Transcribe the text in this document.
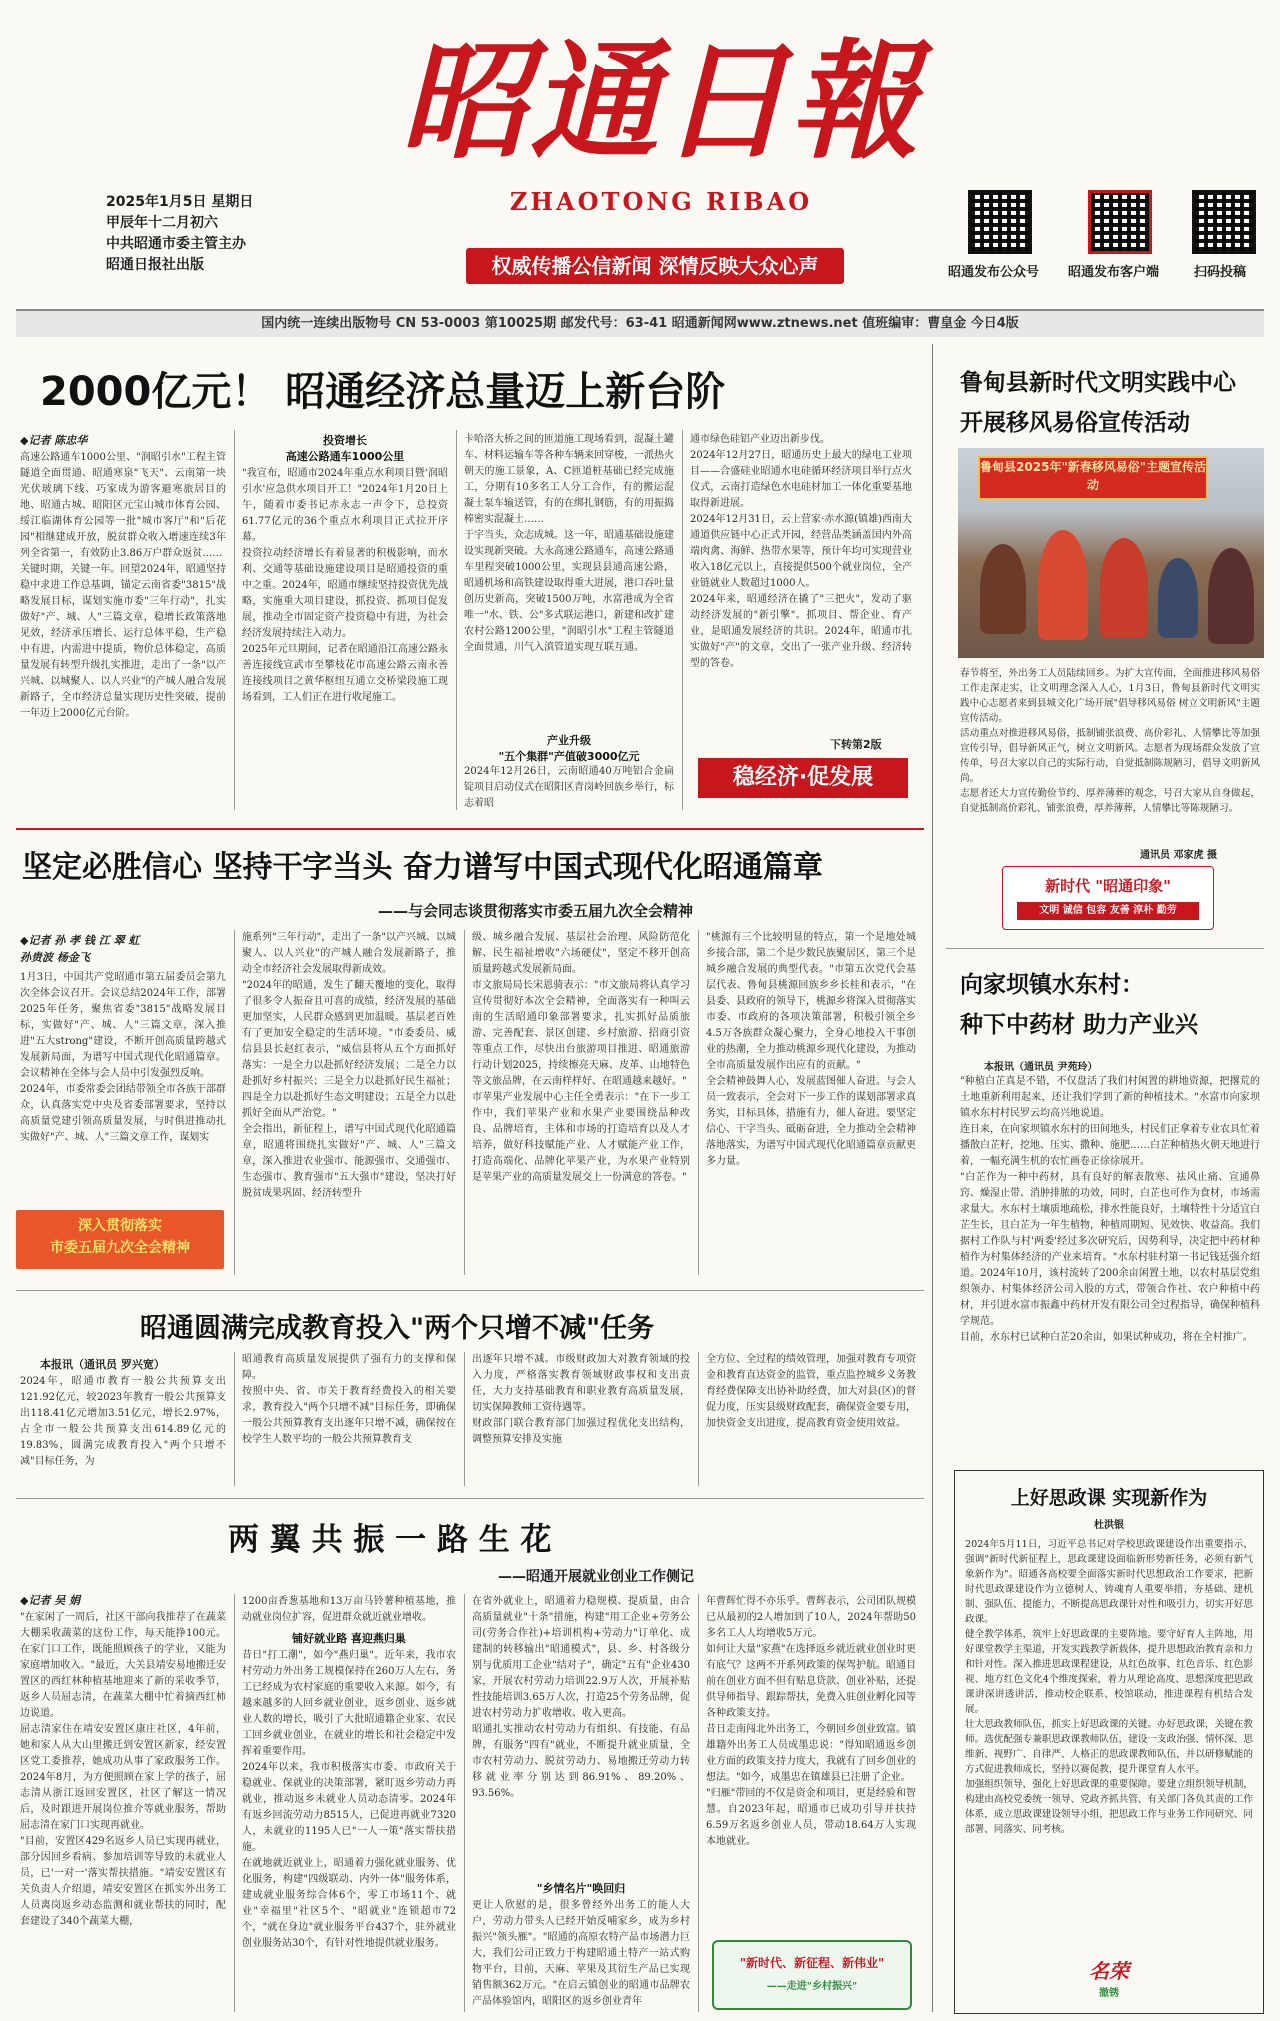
昭通日報
ZHAOTONG RIBAO
权威传播公信新闻 深情反映大众心声
2025年1月5日 星期日
甲辰年十二月初六
中共昭通市委主管主办
昭通日报社出版	昭通发布公众号 昭通发布客户端	扫码投稿
国内统一连续出版物号 CN 53-0003 第10025期 邮发代号：63-41 昭通新闻网www.ztnews.net 值班编审：曹皇金 今日4版
2000亿元！ 昭通经济总量迈上新台阶
◆记者 陈忠华
高速公路通车1000公里、"润昭引水"工程主管隧道全面贯通、昭通寒泉"飞天"、云南第一块光伏玻璃下线、巧家成为游客避寒旅居目的地、昭通古城、昭阳区元宝山城市体育公园、绥江临湖体育公园等一批"城市客厅"和"后花园"相继建成开放，脱贫群众收入增速连续3年列全省第一，有效防止3.86万户群众返贫……
关键时期，关键一年。回望2024年，昭通坚持稳中求进工作总基调，锚定云南省委"3815"战略发展目标，谋划实施市委"三年行动"，扎实做好"产、城、人"三篇文章，稳增长政策落地见效，经济承压增长、运行总体平稳，生产稳中有进，内需进中提质，物价总体稳定，高质量发展有转型升级扎实推进，走出了一条"以产兴城、以城聚人、以人兴业"的产城人融合发展新路子，全市经济总量实现历史性突破，提前一年迈上2000亿元台阶。
投资增长
高速公路通车1000公里
"我宣布，昭通市2024年重点水利项目暨'润昭引水'应急供水项目开工！"2024年1月20日上午，随着市委书记赤永志一声令下，总投资61.77亿元的36个重点水利项目正式拉开序幕。
投资拉动经济增长有着显著的积极影响，而水利、交通等基础设施建设项目是昭通投资的重中之重。2024年，昭通市继续坚持投资优先战略，实施重大项目建设，抓投资、抓项目促发展，推动全市固定资产投资稳中有进，为社会经济发展持续注入动力。
2025年元旦期间，记者在昭通沿江高速公路永善连接线宣武市至攀枝花市高速公路云南永善连接线项目之黄华枢纽互通立交桥梁段施工现场看到，工人们正在进行收尾施工。
卡哈洛大桥之间的匝道施工现场看到，混凝土罐车、材料运输车等各种车辆来回穿梭，一派热火朝天的施工景象，A、C匝道桩基础已经完成施工，分期有10多名工人分工合作，有的搬运混凝土泵车输送管，有的在绑扎钢筋，有的用振捣棒密实混凝土……
于宇当头，众志成城。这一年，昭通基础设施建设实现新突破。大永高速公路通车，高速公路通车里程突破1000公里，实现县县通高速公路，昭通机场和高铁建设取得重大进展，港口吞吐量创历史新高，突破1500万吨，水富港成为全省唯一"水、铁、公"多式联运港口，新建和改扩建农村公路1200公里，"润昭引水"工程主管隧道全面贯通，川气入滇管道实现互联互通。
产业升级
"五个集群"产值破3000亿元
2024年12月26日，云南昭通40万吨铝合金扁锭项目启动仪式在昭阳区青岗岭回族乡举行，标志着昭
通市绿色硅铝产业迈出新步伐。
2024年12月27日，昭通历史上最大的绿电工业项目——合盛硅业昭通水电硅循环经济项目举行点火仪式，云南打造绿色水电硅材加工一体化重要基地取得新进展。
2024年12月31日，云上营家·赤水源(镇雄)西南大通道供应链中心正式开园，经营品类涵盖国内外高端肉禽、海鲜、热带水果等，预计年均可实现营业收入18亿元以上，直接提供500个就业岗位，全产业链就业人数超过1000人。
2024年来，昭通经济在撬了"三把火"，发动了驱动经济发展的"新引擎"。抓项目、帮企业、育产业，是昭通发展经济的共识。2024年，昭通市扎实做好"产"的文章，交出了一张产业升级、经济转型的答卷。
下转第2版
稳经济·促发展
坚定必胜信心 坚持干字当头 奋力谱写中国式现代化昭通篇章
——与会同志谈贯彻落实市委五届九次全会精神
◆记者 孙 孝 钱 江 翠 虹
孙贵波 杨金飞
1月3日，中国共产党昭通市第五届委员会第九次全体会议召开。会议总结2024年工作，部署2025年任务，聚焦省委"3815"战略发展目标，实做好"产、城、人"三篇文章，深入推进"五大strong"建设，不断开创高质量跨越式发展新局面，为谱写中国式现代化昭通篇章。会议精神在全体与会人员中引发强烈反响。
2024年，市委常委会团结带领全市各族干部群众，认真落实党中央及省委部署要求，坚持以高质量党建引领高质量发展，与时俱进推动扎实做好"产、城、人"三篇文章工作，谋划实
深入贯彻落实
市委五届九次全会精神
施系列"三年行动"，走出了一条"以产兴城、以城聚人、以人兴业"的产城人融合发展新路子，推动全市经济社会发展取得新成效。
"2024年的昭通，发生了翻天覆地的变化，取得了很多令人振奋且可喜的成绩，经济发展的基础更加坚实，人民群众感到更加温暖。基层老百姓有了更加安全稳定的生活环境。"市委委员、威信县县长赵红表示，"威信县将从五个方面抓好落实：一是全力以赴抓好经济发展；二是全力以赴抓好乡村振兴；三是全力以赴抓好民生福祉；四是全力以赴抓好生态文明建设；五是全力以赴抓好全面从严治党。"
全会指出，新征程上，谱写中国式现代化昭通篇章，昭通将围绕扎实做好"产、城、人"三篇文章，深入推进农业强市、能源强市、交通强市、生态强市、教育强市"五大强市"建设，坚决打好脱贫成果巩固、经济转型升
级、城乡融合发展、基层社会治理、风险防范化解、民生福祉增收"六场硬仗"，坚定不移开创高质量跨越式发展新局面。
市文旅局局长宋恩骑表示："市文旅局将认真学习宣传贯彻好本次全会精神，全面落实有一种叫云南的生活昭通印象部署要求，扎实抓好品质旅游、完善配套、景区创建、乡村旅游、招商引资等重点工作，尽快出台旅游项目推进、昭通旅游行动计划2025，持续擦亮天麻、皮革、山地特色等文旅品牌，在云南样样好、在昭通越来越好。"
市苹果产业发展中心主任全勇表示："在下一步工作中，我们苹果产业和水果产业要围绕品种改良、品牌培育，主体和市场的打造培育以及人才培养，做好科技赋能产业、人才赋能产业工作，打造高端化、品牌化苹果产业，为水果产业特别是苹果产业的高质量发展交上一份满意的答卷。"
"桃源有三个比较明显的特点，第一个是地处城乡接合部，第二个是少数民族聚居区，第三个是城乡融合发展的典型代表。"市第五次党代会基层代表、鲁甸县桃源回族乡乡长桂和表示，"在县委、县政府的领导下，桃源乡将深入贯彻落实市委、市政府的各项决策部署，积极引领全乡4.5万各族群众凝心聚力，全身心地投入干事创业的热潮，全力推动桃源乡现代化建设，为推动全市高质量发展作出应有的贡献。"
全会精神鼓舞人心，发展蓝图催人奋进。与会人员一致表示，全会对下一步工作的谋划部署求真务实，目标具体，措施有力，催人奋进。要坚定信心、干字当头、砥砺奋进，全力推动全会精神落地落实，为谱写中国式现代化昭通篇章贡献更多力量。
昭通圆满完成教育投入"两个只增不减"任务
本报讯（通讯员 罗兴宽）
2024年，昭通市教育一般公共预算支出121.92亿元，较2023年教育一般公共预算支出118.41亿元增加3.51亿元，增长2.97%，占全市一般公共预算支出614.89亿元的19.83%，圆满完成教育投入"两个只增不减"目标任务，为
昭通教育高质量发展提供了强有力的支撑和保障。
按照中央、省、市关于教育经费投入的相关要求，教育投入"两个只增不减"目标任务，即确保一般公共预算教育支出逐年只增不减，确保按在校学生人数平均的一般公共预算教育支
出逐年只增不减。市级财政加大对教育领域的投入力度，严格落实教育领域财政事权和支出责任，大力支持基础教育和职业教育高质量发展，切实保障教师工资待遇等。
财政部门联合教育部门加强过程优化支出结构，调整预算安排及实施
全方位、全过程的绩效管理，加强对教育专项资金和教育直达资金的监管，重点监控城乡义务教育经费保障支出协补助经费，加大对县(区)的督促力度，压实县级财政配套，确保资金要专用，加快资金支出进度，提高教育资金使用效益。
两 翼 共 振 一 路 生 花
——昭通开展就业创业工作侧记
◆记者 吴 娟
"在家闲了一周后，社区干部向我推荐了在蔬菜大棚采收蔬菜的这份工作，每天能挣100元。在家门口工作，既能照顾孩子的学业，又能为家庭增加收入。"最近，大关县靖安易地搬迁安置区的西红林种植基地迎来了新的采收季节，返乡人员屈志清，在蔬菜大棚中忙着摘西红柿边说道。
屈志清家住在靖安安置区康庄社区，4年前，她和家人从大山里搬迁到安置区新家，经安置区党工委推荐，她成功从事了家政服务工作。2024年8月，为方便照顾在家上学的孩子，屈志清从浙江返回安置区，社区了解这一情况后，及时跟进开展岗位推介等就业服务，帮助屈志清在家门口实现再就业。
"目前，安置区429名返乡人员已实现再就业，部分因回乡看病、参加培训等导致的未就业人员，已'一对一'落实帮扶措施。"靖安安置区有关负责人介绍道，靖安安置区在抓实外出务工人员离岗返乡动态监测和就业帮扶的同时，配套建设了340个蔬菜大棚，
1200亩香葱基地和13万亩马铃薯种植基地，推动就业岗位扩容，促进群众就近就业增收。
铺好就业路 喜迎燕归巢
昔日"打工潮"，如今"燕归巢"。近年来，我市农村劳动力外出务工规模保持在260万人左右，务工已经成为农村家庭的重要收入来源。如今，有越来越多的人回乡就业创业，返乡创业、返乡就业人数的增长，吸引了大批昭通籍企业家、农民工回乡就业创业，在就业的增长和社会稳定中发挥着重要作用。
2024年以来，我市积极落实市委、市政府关于稳就业、保就业的决策部署，紧盯返乡劳动力再就业，推动返乡未就业人员动态清零。2024年有返乡回流劳动力8515人，已促进再就业7320人，未就业的1195人已"一人一策"落实帮扶措施。
在就地就近就业上，昭通着力强化就业服务、优化服务，构建"四级联动、内外一体"服务体系，建成就业服务综合体6个，零工市场11个、就业"幸福里"社区5个、"昭就业"连锁超市72个，"就在身边"就业服务平台437个，驻外就业创业服务站30个，有针对性地提供就业服务。
在省外就业上，昭通着力稳规模、提质量，由合高质量就业"十条"措施，构建"用工企业+劳务公司(劳务合作社)+培训机构+劳动力"订单化、成建制的转移输出"昭通模式"，县、乡、村各级分别与优质用工企业"结对子"，确定"五有"企业430家，开展农村劳动力培训22.9万人次，开展补贴性技能培训3.65万人次，打造25个劳务品牌，促进农村劳动力扩收增收、收入更高。
昭通扎实推动农村劳动力有组织、有技能、有品牌，有服务"四有"就业，不断提升就业质量，全市农村劳动力、脱贫劳动力、易地搬迁劳动力转移就业率分别达到86.91%、89.20%、93.56%。
"乡情名片"唤回归
更让人欣慰的是，很多曾经外出务工的能人大户，劳动力带头人已经开始反哺家乡，成为乡村振兴"领头雁"。"昭通的高原农特产品市场潜力巨大，我们公司正致力于构建昭通土特产一站式购物平台，目前，天麻、苹果及其衍生产品已实现销售额362万元。"在启云镇创业的昭通市品牌农产品体验馆内，昭阳区的返乡创业青年
年曹辉忙得不亦乐乎。曹辉表示，公司团队规模已从最初的2人增加到了10人，2024年帮助50多名工人人均增收5万元。
如何让大量"家燕"在选择返乡就近就业创业时更有底气？这两不开系列政策的保驾护航。昭通目前在创业方面不但有贴息贷款、创业补贴，还提供导师指导、跟踪帮扶，免费入驻创业孵化园等各种政策支持。
昔日走南闯北外出务工，今朝回乡创业致富。镇雄籍外出务工人员成墨忠说："得知昭通返乡创业方面的政策支持力度大，我就有了回乡创业的想法。"如今，成墨忠在镇雄县已注册了企业。
"归雁"带回的不仅是资金和项目，更是经验和智慧。自2023年起，昭通市已成功引导并扶持6.59万名返乡创业人员，带动18.64万人实现本地就业。
"新时代、新征程、新伟业"
——走进"乡村振兴"
鲁甸县新时代文明实践中心
开展移风易俗宣传活动
鲁甸县2025年"新春移风易俗"主题宣传活动
春节将至，外出务工人员陆续回乡。为扩大宣传面，全面推进移风易俗工作走深走实，让文明理念深入人心，1月3日，鲁甸县新时代文明实践中心志愿者来到县城文化广场开展"倡导移风易俗 树立文明新风"主题宣传活动。
活动重点对推进移风易俗，抵制铺张浪费、高价彩礼、人情攀比等加强宣传引导，倡导新风正气，树立文明新风。志愿者为现场群众发放了宣传单，号召大家以自己的实际行动，自觉抵制陈规陋习，倡导文明新风尚。
志愿者还大力宣传勤俭节约、厚养薄葬的观念，号召大家从自身做起，自觉抵制高价彩礼、铺张浪费，厚养薄葬，人情攀比等陈规陋习。
通讯员 邓家虎 摄
新时代 "昭通印象"
文明 诚信 包容 友善 淳朴 勤劳
向家坝镇水东村：
种下中药材 助力产业兴
本报讯（通讯员 尹苑玲）
"种植白芷真是不错，不仅盘活了我们村闲置的耕地资源，把撂荒的土地重新利用起来，还让我们学到了新的种植技术。"水富市向家坝镇水东村村民罗云均高兴地说道。
连日来，在向家坝镇水东村的田间地头，村民们正拿着专业农具忙着播散白芷籽，挖地、压实、撒种、施肥……白芷种植热火朝天地进行着，一幅充满生机的农忙画卷正徐徐展开。
"白芷作为一种中药材，具有良好的解表散寒、祛风止痛、宣通鼻窍、燥湿止带、消肿排脓的功效，同时，白芷也可作为食材，市场需求量大。水东村土壤质地疏松，排水性能良好，土壤特性十分适宜白芷生长，且白芷为一年生植物，种植周期短、见效快、收益高。我们据村工作队与村'两委'经过多次研究后，因势利导，决定把中药材种植作为村集体经济的产业来培育。"水东村驻村第一书记钱廷强介绍道。2024年10月，该村流转了200余亩闲置土地，以农村基层党组织领办、村集体经济公司入股的方式，带领合作社、农户种植中药材，并引进水富市振鑫中药材开发有限公司全过程指导，确保种植科学规范。
目前，水东村已试种白芷20余亩，如果试种成功，将在全村推广。
上好思政课 实现新作为
杜洪银
2024年5月11日，习近平总书记对学校思政课建设作出重要指示，强调"新时代新征程上，思政课建设面临新形势新任务，必须有新气象新作为"。昭通各高校要全面落实新时代思想政治工作要求，把新时代思政课建设作为立德树人、铸魂育人重要举措，夯基础、建机制、强队伍、提能力，不断提高思政课针对性和吸引力，切实开好思政课。
健全教学体系，筑牢上好思政课的主要阵地。要守好育人主阵地，用好课堂教学主渠道，开发实践教学新载体，提升思想政治教育亲和力和针对性。深入推进思政课程建设，从红色故事、红色音乐、红色影视、地方红色文化4个维度探索，着力从理论高度、思想深度把思政课讲深讲透讲活，推动校企联系、校馆联动，推进课程有机结合发展。
壮大思政教师队伍，抓实上好思政课的关键。办好思政课，关键在教师。选优配强专兼职思政课教师队伍，建设一支政治强、情怀深、思维新、视野广、自律严、人格正的思政课教师队伍，并以研修赋能的方式促进教师成长，坚持以赛促教，提升课堂育人水平。
加强组织领导，强化上好思政课的重要保障。要建立组织领导机制，构建由高校党委统一领导、党政齐抓共管、有关部门各负其责的工作体系，成立思政课建设领导小组，把思政工作与业务工作同研究、同部署、同落实、同考核。
名荣
撤锈
